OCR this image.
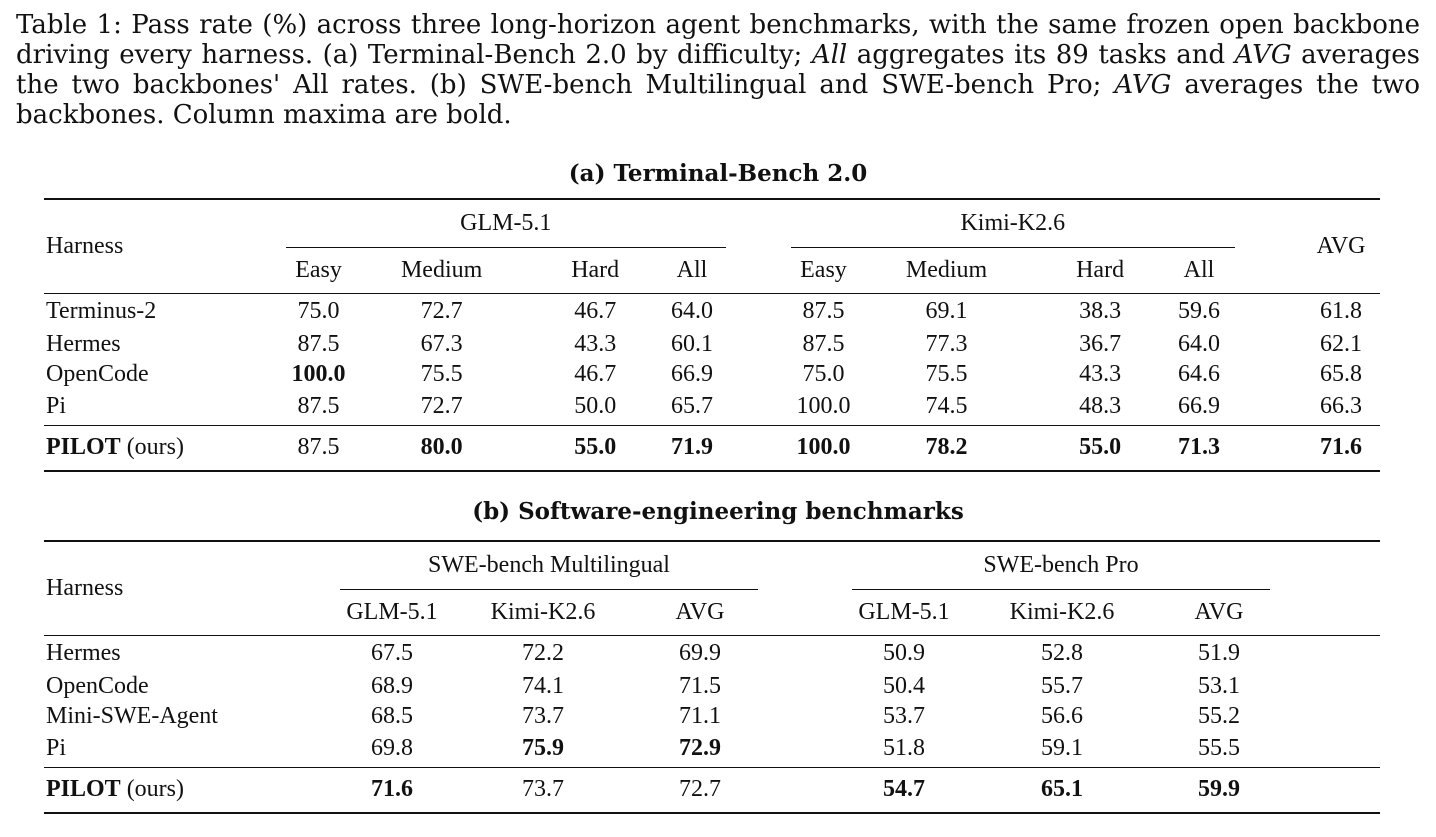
Table 1: Pass rate (%) across three long-horizon agent benchmarks, with the same frozen open backbone driving every harness. (a) Terminal-Bench 2.0 by difficulty; All aggregates its 89 tasks and AVG averages the two backbones' All rates. (b) SWE-bench Multilingual and SWE-bench Pro; AVG averages the two backbones. Column maxima are bold.
(a) Terminal-Bench 2.0
Harness	GLM-5.1					Kimi-K2.6					AVG
	Easy	Medium	Hard	All		Easy	Medium	Hard	All		
Terminus-2	75.0	72.7	46.7	64.0		87.5	69.1	38.3	59.6		61.8
Hermes	87.5	67.3	43.3	60.1		87.5	77.3	36.7	64.0		62.1
OpenCode	100.0	75.5	46.7	66.9		75.0	75.5	43.3	64.6		65.8
Pi	87.5	72.7	50.0	65.7		100.0	74.5	48.3	66.9		66.3
PILOT (ours)	87.5	80.0	55.0	71.9		100.0	78.2	55.0	71.3		71.6
(b) Software-engineering benchmarks
Harness	SWE-bench Multilingual				SWE-bench Pro			
	GLM-5.1	Kimi-K2.6	AVG		GLM-5.1	Kimi-K2.6	AVG	
Hermes	67.5	72.2	69.9		50.9	52.8	51.9	
OpenCode	68.9	74.1	71.5		50.4	55.7	53.1	
Mini-SWE-Agent	68.5	73.7	71.1		53.7	56.6	55.2	
Pi	69.8	75.9	72.9		51.8	59.1	55.5	
PILOT (ours)	71.6	73.7	72.7		54.7	65.1	59.9	
